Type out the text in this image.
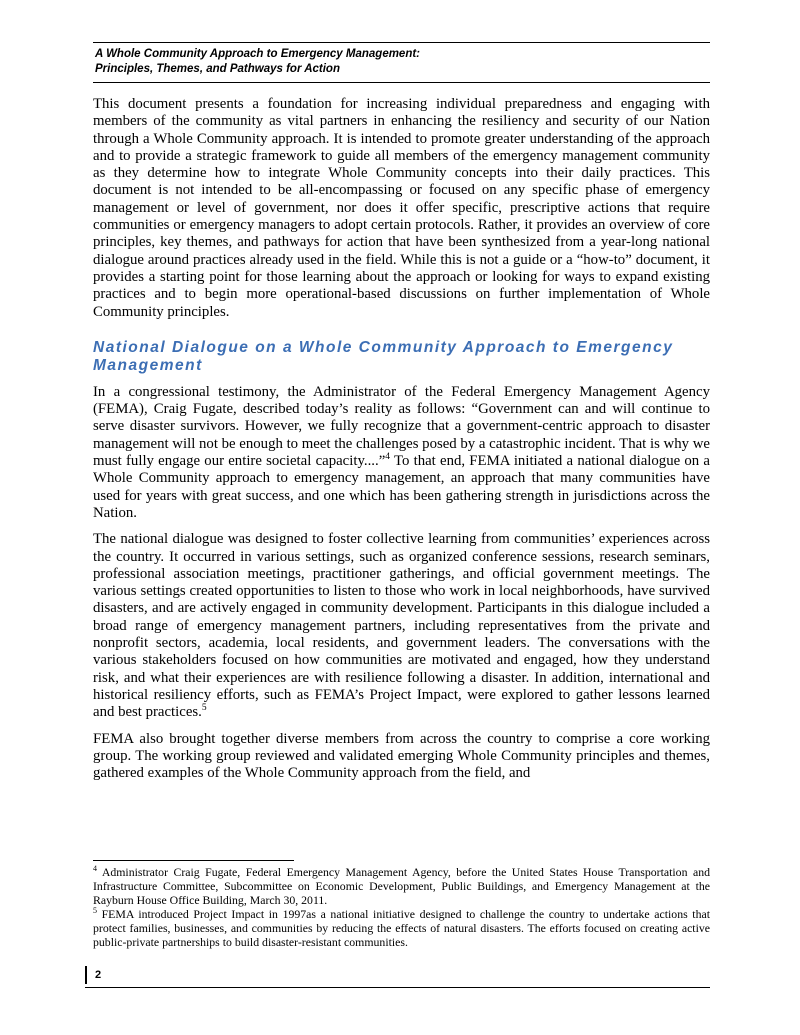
A Whole Community Approach to Emergency Management:
Principles, Themes, and Pathways for Action

This document presents a foundation for increasing individual preparedness and engaging with members of the community as vital partners in enhancing the resiliency and security of our Nation through a Whole Community approach. It is intended to promote greater understanding of the approach and to provide a strategic framework to guide all members of the emergency management community as they determine how to integrate Whole Community concepts into their daily practices. This document is not intended to be all-encompassing or focused on any specific phase of emergency management or level of government, nor does it offer specific, prescriptive actions that require communities or emergency managers to adopt certain protocols. Rather, it provides an overview of core principles, key themes, and pathways for action that have been synthesized from a year-long national dialogue around practices already used in the field. While this is not a guide or a “how-to” document, it provides a starting point for those learning about the approach or looking for ways to expand existing practices and to begin more operational-based discussions on further implementation of Whole Community principles.

National Dialogue on a Whole Community Approach to Emergency Management

In a congressional testimony, the Administrator of the Federal Emergency Management Agency (FEMA), Craig Fugate, described today’s reality as follows: “Government can and will continue to serve disaster survivors. However, we fully recognize that a government-centric approach to disaster management will not be enough to meet the challenges posed by a catastrophic incident. That is why we must fully engage our entire societal capacity....”$^4$ To that end, FEMA initiated a national dialogue on a Whole Community approach to emergency management, an approach that many communities have used for years with great success, and one which has been gathering strength in jurisdictions across the Nation.

The national dialogue was designed to foster collective learning from communities’ experiences across the country. It occurred in various settings, such as organized conference sessions, research seminars, professional association meetings, practitioner gatherings, and official government meetings. The various settings created opportunities to listen to those who work in local neighborhoods, have survived disasters, and are actively engaged in community development. Participants in this dialogue included a broad range of emergency management partners, including representatives from the private and nonprofit sectors, academia, local residents, and government leaders. The conversations with the various stakeholders focused on how communities are motivated and engaged, how they understand risk, and what their experiences are with resilience following a disaster. In addition, international and historical resiliency efforts, such as FEMA’s Project Impact, were explored to gather lessons learned and best practices.$^5$

FEMA also brought together diverse members from across the country to comprise a core working group. The working group reviewed and validated emerging Whole Community principles and themes, gathered examples of the Whole Community approach from the field, and

$^4$ Administrator Craig Fugate, Federal Emergency Management Agency, before the United States House Transportation and Infrastructure Committee, Subcommittee on Economic Development, Public Buildings, and Emergency Management at the Rayburn House Office Building, March 30, 2011.

$^5$ FEMA introduced Project Impact in 1997as a national initiative designed to challenge the country to undertake actions that protect families, businesses, and communities by reducing the effects of natural disasters. The efforts focused on creating active public-private partnerships to build disaster-resistant communities.

2
